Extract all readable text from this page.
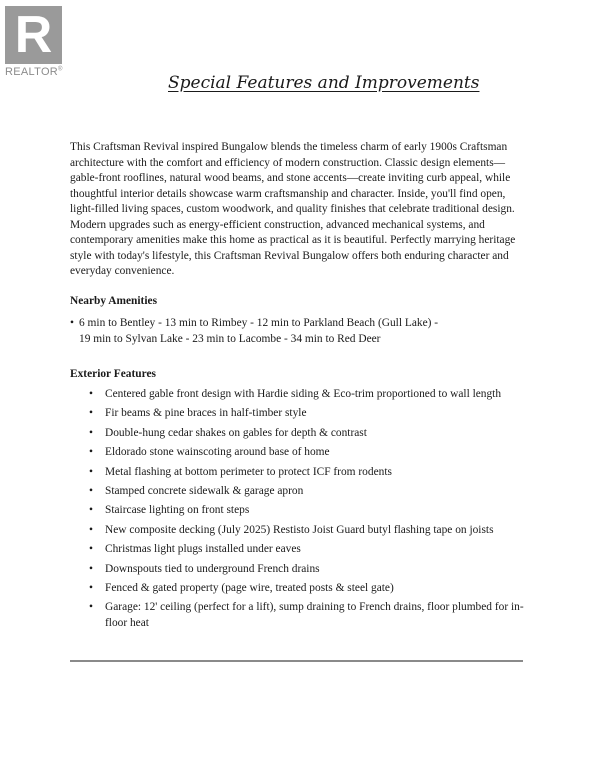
R
REALTOR®
Special Features and Improvements

This Craftsman Revival inspired Bungalow blends the timeless charm of early 1900s Craftsman architecture with the comfort and efficiency of modern construction. Classic design elements—gable-front rooflines, natural wood beams, and stone accents—create inviting curb appeal, while thoughtful interior details showcase warm craftsmanship and character. Inside, you'll find open, light-filled living spaces, custom woodwork, and quality finishes that celebrate traditional design. Modern upgrades such as energy-efficient construction, advanced mechanical systems, and contemporary amenities make this home as practical as it is beautiful. Perfectly marrying heritage style with today's lifestyle, this Craftsman Revival Bungalow offers both enduring character and everyday convenience.

Nearby Amenities
• 6 min to Bentley - 13 min to Rimbey - 12 min to Parkland Beach (Gull Lake) -
19 min to Sylvan Lake - 23 min to Lacombe - 34 min to Red Deer
Exterior Features
• Centered gable front design with Hardie siding & Eco-trim proportioned to wall length
• Fir beams & pine braces in half-timber style
• Double-hung cedar shakes on gables for depth & contrast
• Eldorado stone wainscoting around base of home
• Metal flashing at bottom perimeter to protect ICF from rodents
• Stamped concrete sidewalk & garage apron
• Staircase lighting on front steps
• New composite decking (July 2025) Restisto Joist Guard butyl flashing tape on joists
• Christmas light plugs installed under eaves
• Downspouts tied to underground French drains
• Fenced & gated property (page wire, treated posts & steel gate)
• Garage: 12' ceiling (perfect for a lift), sump draining to French drains, floor plumbed for in-floor heat
